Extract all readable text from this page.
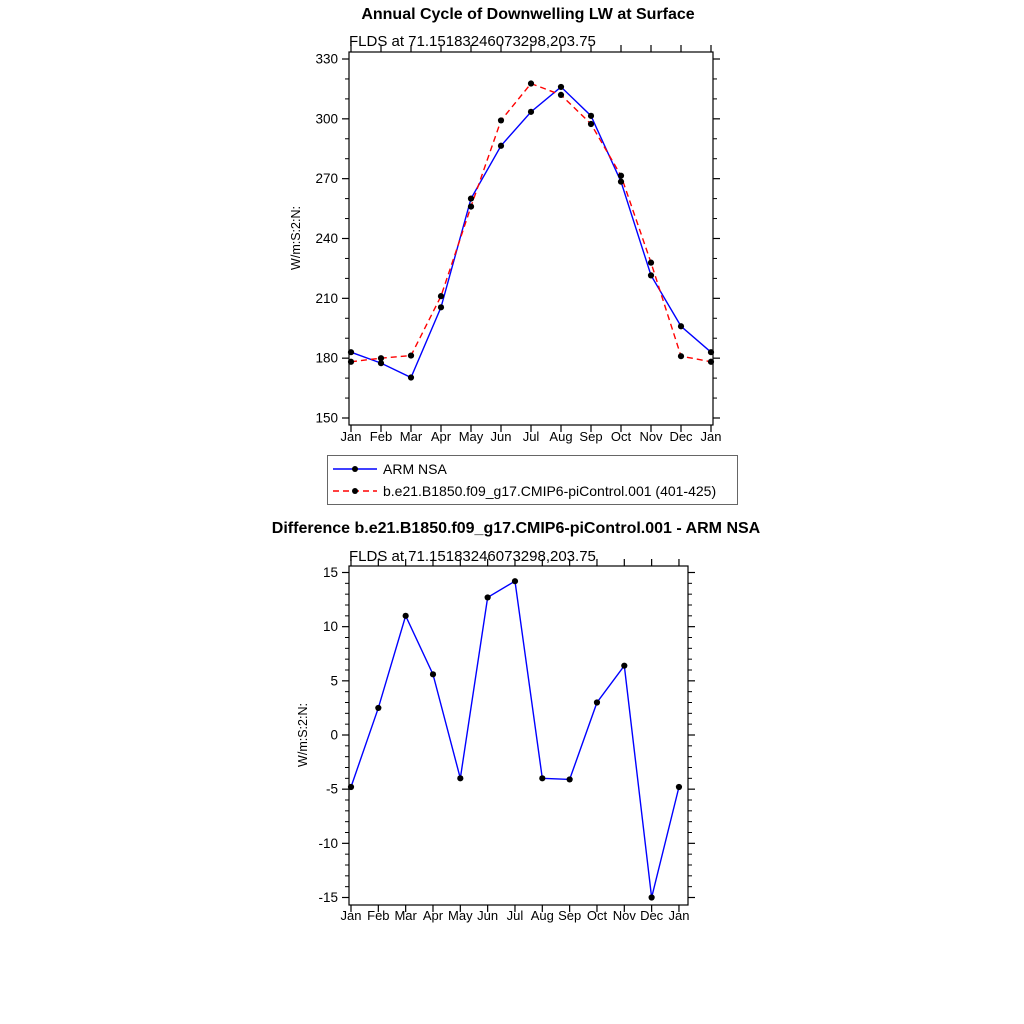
Annual Cycle of Downwelling LW at Surface
FLDS at 71.15183246073298,203.75
W/m:S:2:N:
Difference b.e21.B1850.f09_g17.CMIP6-piControl.001 - ARM NSA
FLDS at 71.15183246073298,203.75
W/m:S:2:N:
150
180
210
240
270
300
330
Jan Feb Mar Apr May Jun Jul Aug Sep Oct Nov Dec Jan
-15
-10
-5
0
5
10
15
Jan Feb Mar Apr May Jun Jul Aug Sep Oct Nov Dec Jan
ARM NSA
b.e21.B1850.f09_g17.CMIP6-piControl.001 (401-425)
